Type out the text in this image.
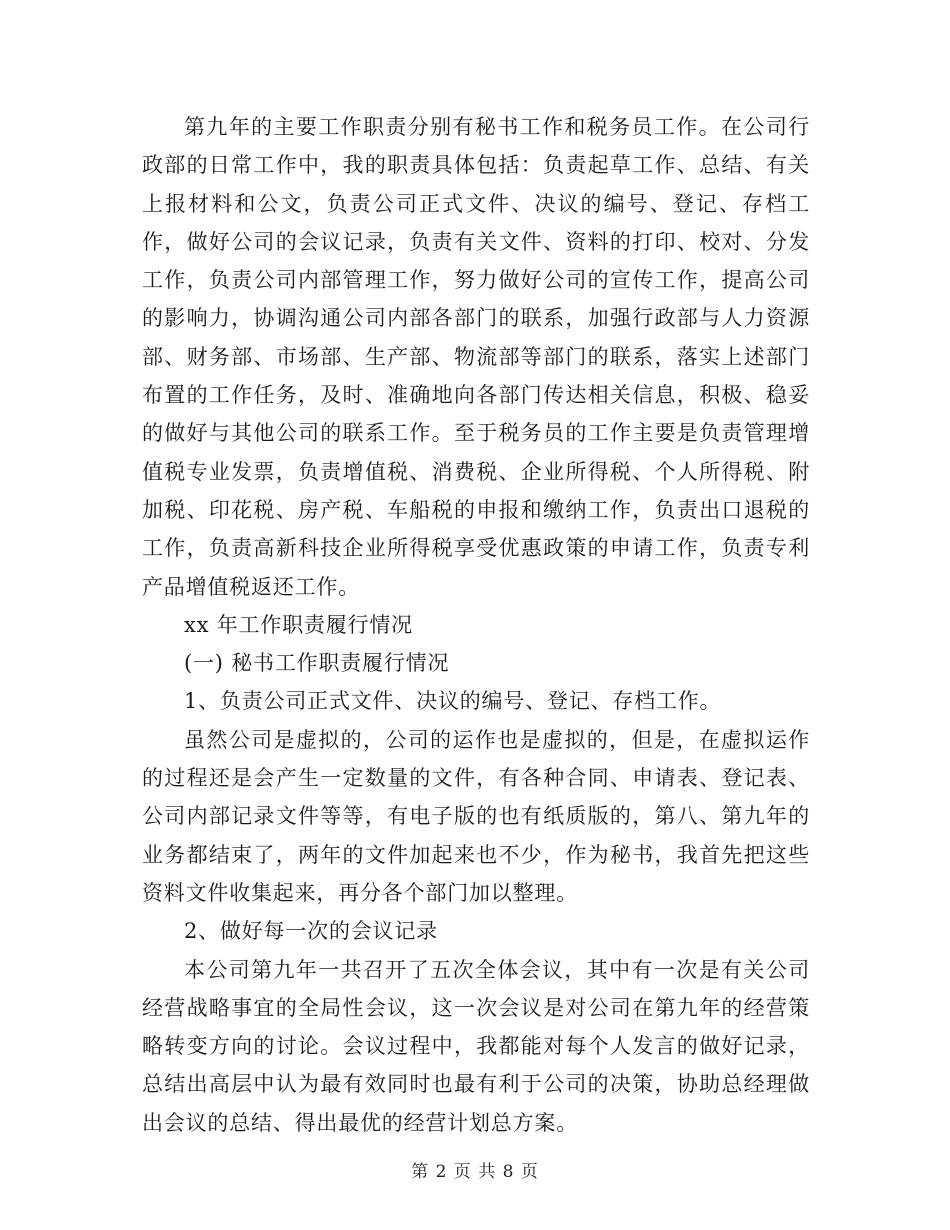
第九年的主要工作职责分别有秘书工作和税务员工作。在公司行政部的日常工作中，我的职责具体包括：负责起草工作、总结、有关上报材料和公文，负责公司正式文件、决议的编号、登记、存档工作，做好公司的会议记录，负责有关文件、资料的打印、校对、分发工作，负责公司内部管理工作，努力做好公司的宣传工作，提高公司的影响力，协调沟通公司内部各部门的联系，加强行政部与人力资源部、财务部、市场部、生产部、物流部等部门的联系，落实上述部门布置的工作任务，及时、准确地向各部门传达相关信息，积极、稳妥的做好与其他公司的联系工作。至于税务员的工作主要是负责管理增值税专业发票，负责增值税、消费税、企业所得税、个人所得税、附加税、印花税、房产税、车船税的申报和缴纳工作，负责出口退税的工作，负责高新科技企业所得税享受优惠政策的申请工作，负责专利产品增值税返还工作。

xx 年工作职责履行情况

(一) 秘书工作职责履行情况

1、负责公司正式文件、决议的编号、登记、存档工作。

虽然公司是虚拟的，公司的运作也是虚拟的，但是，在虚拟运作的过程还是会产生一定数量的文件，有各种合同、申请表、登记表、公司内部记录文件等等，有电子版的也有纸质版的，第八、第九年的业务都结束了，两年的文件加起来也不少，作为秘书，我首先把这些资料文件收集起来，再分各个部门加以整理。

2、做好每一次的会议记录

本公司第九年一共召开了五次全体会议，其中有一次是有关公司经营战略事宜的全局性会议，这一次会议是对公司在第九年的经营策略转变方向的讨论。会议过程中，我都能对每个人发言的做好记录，总结出高层中认为最有效同时也最有利于公司的决策，协助总经理做出会议的总结、得出最优的经营计划总方案。

第 2 页 共 8 页
